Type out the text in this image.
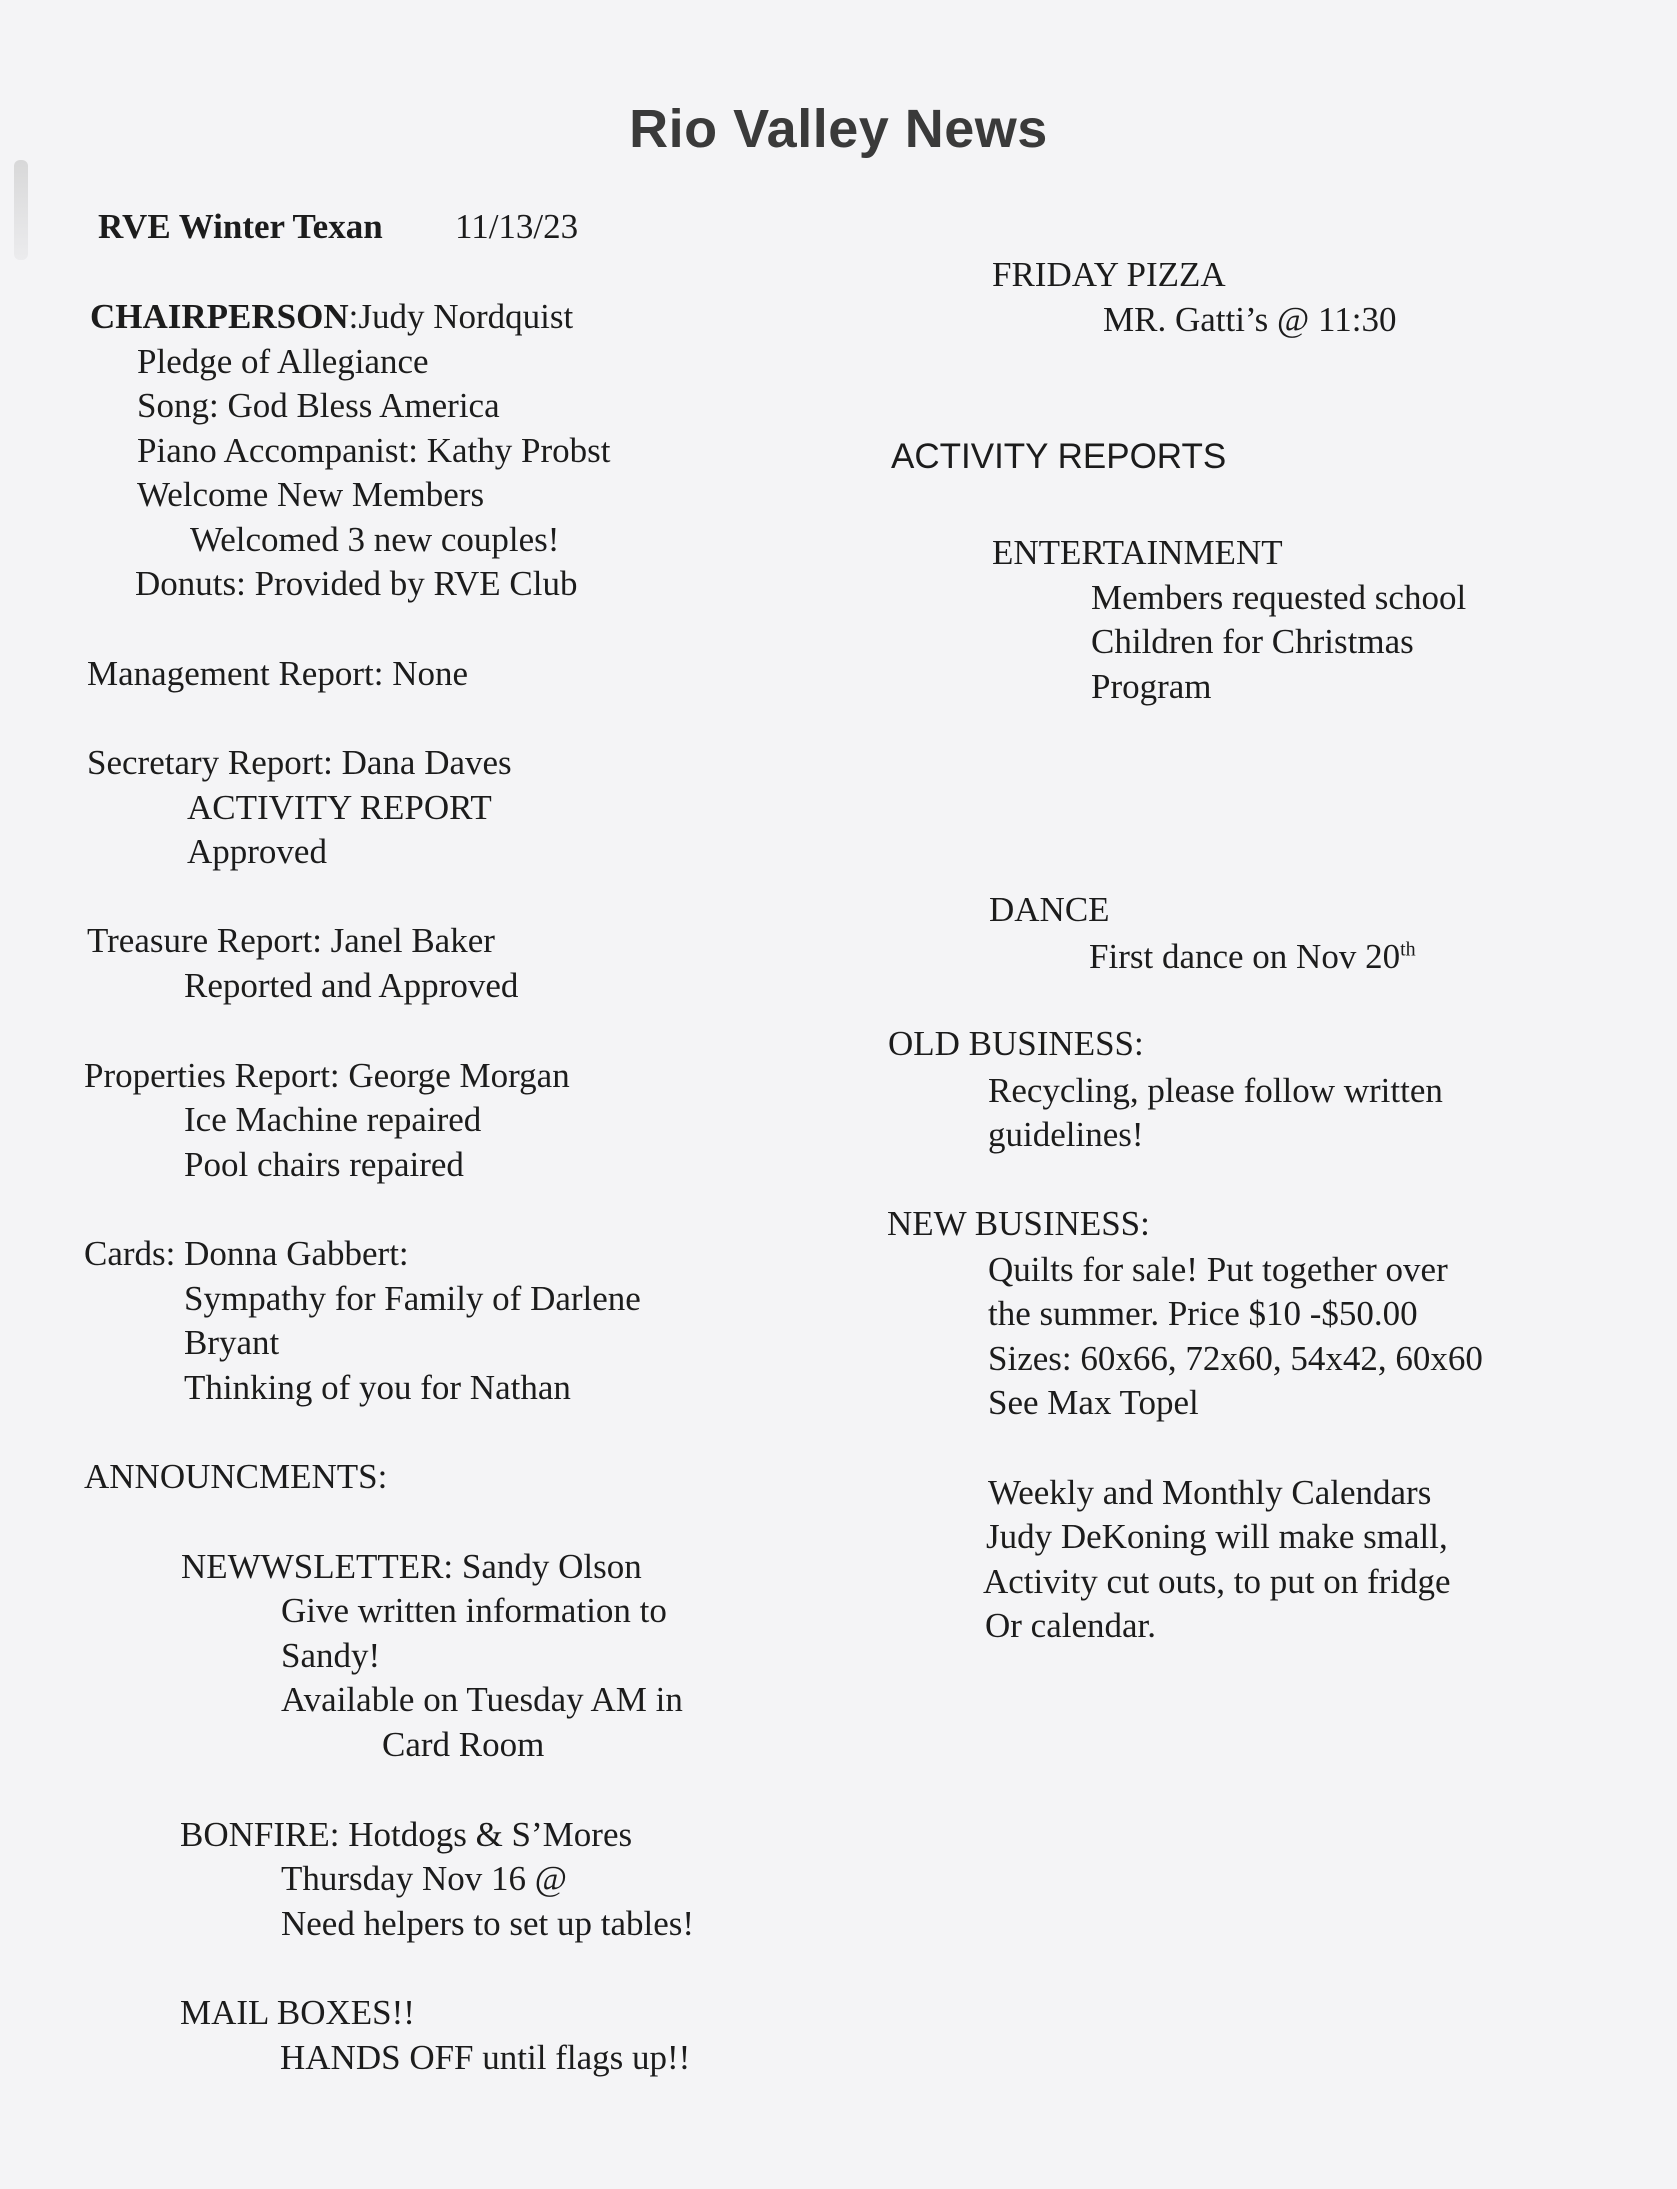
Rio Valley News
RVE Winter Texan 11/13/23
CHAIRPERSON:Judy Nordquist
Pledge of Allegiance
Song: God Bless America
Piano Accompanist: Kathy Probst
Welcome New Members
Welcomed 3 new couples!
Donuts: Provided by RVE Club
Management Report: None
Secretary Report: Dana Daves
ACTIVITY REPORT
Approved
Treasure Report: Janel Baker
Reported and Approved
Properties Report: George Morgan
Ice Machine repaired
Pool chairs repaired
Cards: Donna Gabbert:
Sympathy for Family of Darlene
Bryant
Thinking of you for Nathan
ANNOUNCMENTS:
NEWWSLETTER: Sandy Olson
Give written information to
Sandy!
Available on Tuesday AM in
Card Room
BONFIRE: Hotdogs & S’Mores
Thursday Nov 16 @
Need helpers to set up tables!
MAIL BOXES!!
HANDS OFF until flags up!!
FRIDAY PIZZA
MR. Gatti’s @ 11:30
ACTIVITY REPORTS
ENTERTAINMENT
Members requested school
Children for Christmas
Program
DANCE
First dance on Nov 20th
OLD BUSINESS:
Recycling, please follow written
guidelines!
NEW BUSINESS:
Quilts for sale! Put together over
the summer. Price $10 -$50.00
Sizes: 60x66, 72x60, 54x42, 60x60
See Max Topel
Weekly and Monthly Calendars
Judy DeKoning will make small,
Activity cut outs, to put on fridge
Or calendar.
